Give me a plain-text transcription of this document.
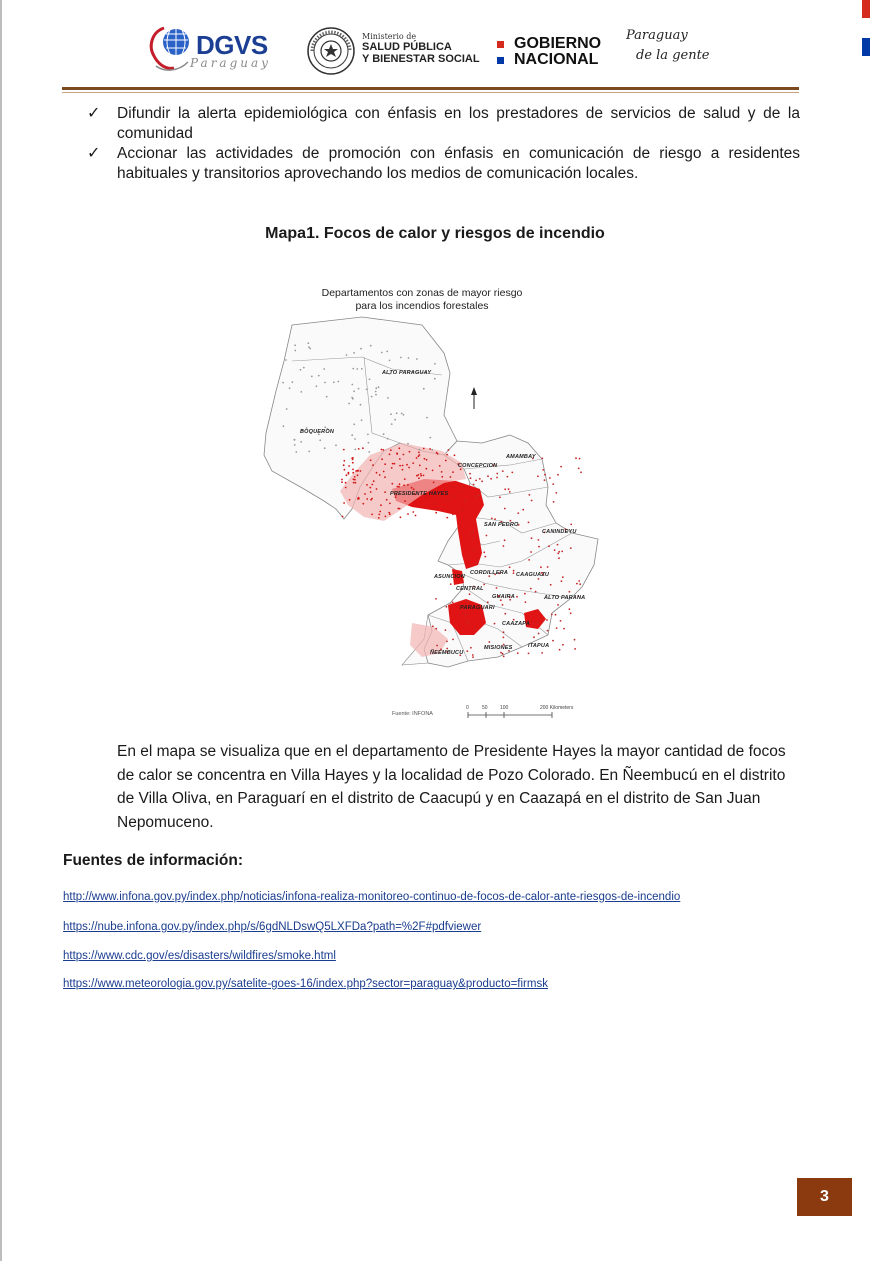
DGVS
Paraguay
Ministerio de
SALUD PÚBLICA
Y BIENESTAR SOCIAL
GOBIERNO
NACIONAL
Paraguay
de la gente
✓ Difundir la alerta epidemiológica con énfasis en los prestadores de servicios de salud y de la comunidad
✓ Accionar las actividades de promoción con énfasis en comunicación de riesgo a residentes habituales y transitorios aprovechando los medios de comunicación locales.
Mapa1. Focos de calor y riesgos de incendio
Departamentos con zonas de mayor riesgo
para los incendios forestales
ALTO PARAGUAY
BOQUERON
AMAMBAY
CONCEPCION
PRESIDENTE HAYES
SAN PEDRO
CANINDEYU
ASUNCION
CORDILLERA CAAGUAZU
CENTRAL
GUAIRA	ALTO PARANA
PARAGUARI
CAAZAPA
MISIONES	ITAPUA
ÑEEMBUCU
Fuente: INFONA
0	50 100	200 Kilometers
En el mapa se visualiza que en el departamento de Presidente Hayes la mayor cantidad de focos de calor se concentra en Villa Hayes y la localidad de Pozo Colorado. En Ñeembucú en el distrito de Villa Oliva, en Paraguarí en el distrito de Caacupú y en Caazapá en el distrito de San Juan Nepomuceno.
Fuentes de información:
http://www.infona.gov.py/index.php/noticias/infona-realiza-monitoreo-continuo-de-focos-de-calor-ante-riesgos-de-incendio
https://nube.infona.gov.py/index.php/s/6gdNLDswQ5LXFDa?path=%2F#pdfviewer
https://www.cdc.gov/es/disasters/wildfires/smoke.html
https://www.meteorologia.gov.py/satelite-goes-16/index.php?sector=paraguay&producto=firmsk
3
